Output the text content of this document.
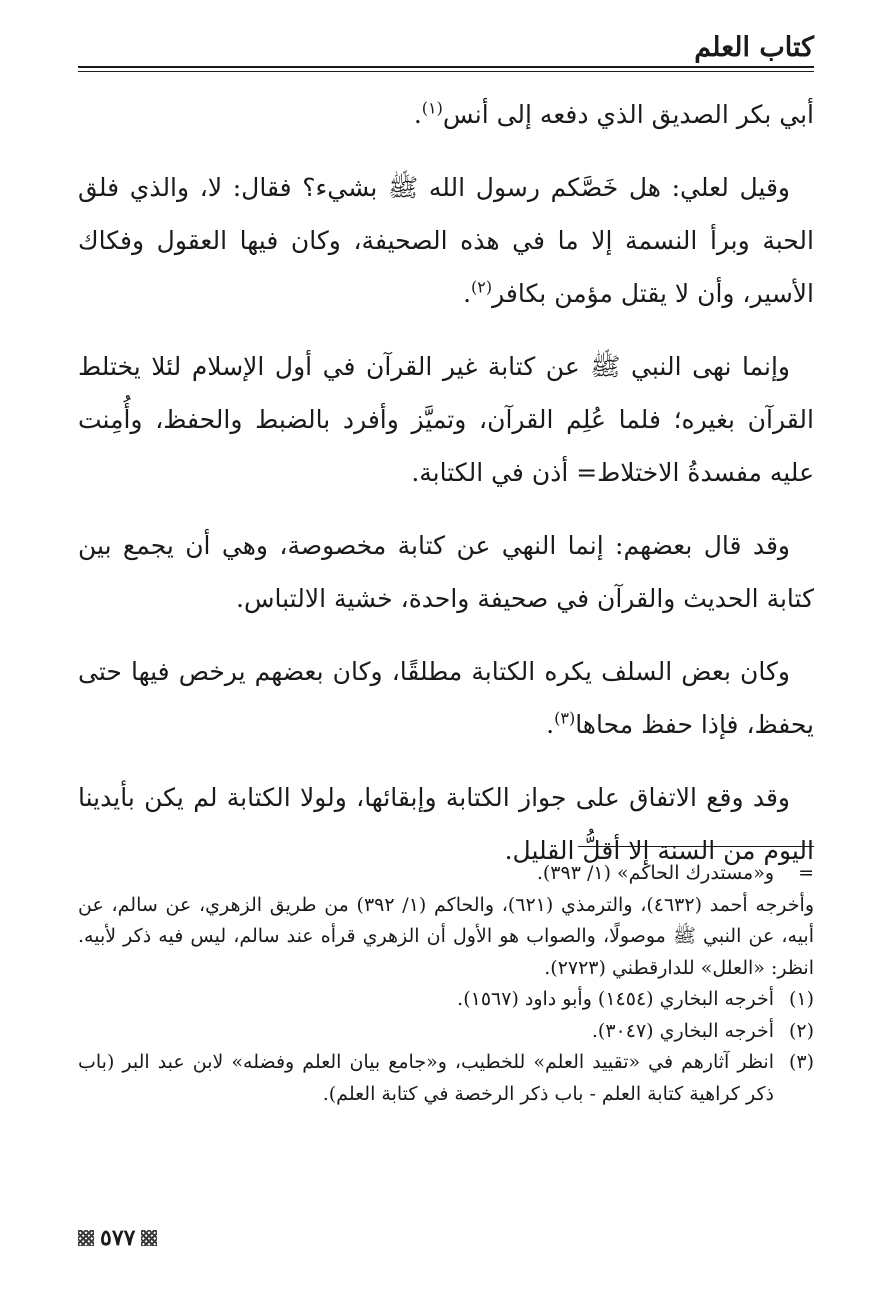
كتاب العلم

أبي بكر الصديق الذي دفعه إلى أنس$^{(١)}$.

وقيل لعلي: هل خَصَّكم رسول الله ﷺ بشيء؟ فقال: لا، والذي فلق الحبة وبرأ النسمة إلا ما في هذه الصحيفة، وكان فيها العقول وفكاك الأسير، وأن لا يقتل مؤمن بكافر$^{(٢)}$.

وإنما نهى النبي ﷺ عن كتابة غير القرآن في أول الإسلام لئلا يختلط القرآن بغيره؛ فلما عُلِم القرآن، وتميَّز وأفرد بالضبط والحفظ، وأُمِنت عليه مفسدةُ الاختلاط= أذن في الكتابة.

وقد قال بعضهم: إنما النهي عن كتابة مخصوصة، وهي أن يجمع بين كتابة الحديث والقرآن في صحيفة واحدة، خشية الالتباس.

وكان بعض السلف يكره الكتابة مطلقًا، وكان بعضهم يرخص فيها حتى يحفظ، فإذا حفظ محاها$^{(٣)}$.

وقد وقع الاتفاق على جواز الكتابة وإبقائها، ولولا الكتابة لم يكن بأيدينا اليوم من السنة إلا أقلُّ القليل.

=
و«مستدرك الحاكم» (١/ ٣٩٣).
وأخرجه أحمد (٤٦٣٢)، والترمذي (٦٢١)، والحاكم (١/ ٣٩٢) من طريق الزهري، عن سالم، عن أبيه، عن النبي ﷺ موصولًا، والصواب هو الأول أن الزهري قرأه عند سالم، ليس فيه ذكر لأبيه. انظر: «العلل» للدارقطني (٢٧٢٣).
(١)
أخرجه البخاري (١٤٥٤) وأبو داود (١٥٦٧).
(٢)
أخرجه البخاري (٣٠٤٧).
(٣)
انظر آثارهم في «تقييد العلم» للخطيب، و«جامع بيان العلم وفضله» لابن عبد البر (باب ذكر كراهية كتابة العلم - باب ذكر الرخصة في كتابة العلم).
٥٧٧
